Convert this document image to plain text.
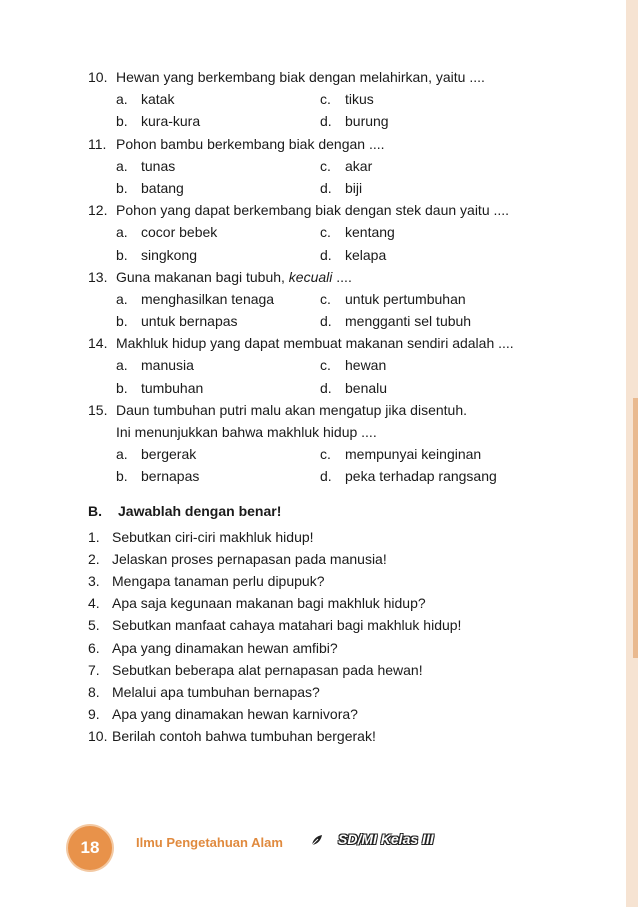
10. Hewan yang berkembang biak dengan melahirkan, yaitu ....
a. katak	c.	tikus
b. kura-kura	d. burung
11. Pohon bambu berkembang biak dengan ....
a. tunas	c.	akar
b. batang	d. biji
12. Pohon yang dapat berkembang biak dengan stek daun yaitu ....
a. cocor bebek	c.	kentang
b. singkong	d. kelapa
13. Guna makanan bagi tubuh, kecuali ....
a. menghasilkan tenaga	c.	untuk pertumbuhan
b. untuk bernapas	d. mengganti sel tubuh
14. Makhluk hidup yang dapat membuat makanan sendiri adalah ....
a. manusia	c.	hewan
b. tumbuhan	d. benalu
15. Daun tumbuhan putri malu akan mengatup jika disentuh.
Ini menunjukkan bahwa makhluk hidup ....
a. bergerak	c.	mempunyai keinginan
b. bernapas	d. peka terhadap rangsang
B. Jawablah dengan benar!
1. Sebutkan ciri-ciri makhluk hidup!
2. Jelaskan proses pernapasan pada manusia!
3. Mengapa tanaman perlu dipupuk?
4. Apa saja kegunaan makanan bagi makhluk hidup?
5. Sebutkan manfaat cahaya matahari bagi makhluk hidup!
6. Apa yang dinamakan hewan amfibi?
7. Sebutkan beberapa alat pernapasan pada hewan!
8. Melalui apa tumbuhan bernapas?
9. Apa yang dinamakan hewan karnivora?
10. Berilah contoh bahwa tumbuhan bergerak!
18	Ilmu Pengetahuan Alam	SD/MI Kelas III
